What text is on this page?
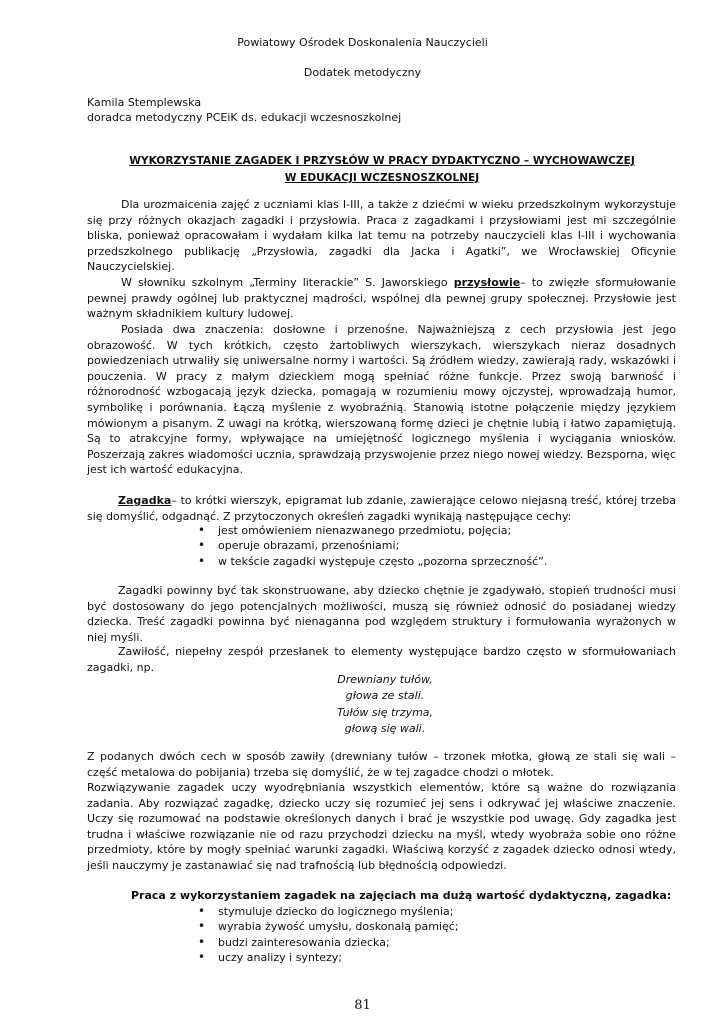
Powiatowy Ośrodek Doskonalenia Nauczycieli
Dodatek metodyczny
Kamila Stemplewska
doradca metodyczny PCEiK ds. edukacji wczesnoszkolnej
WYKORZYSTANIE ZAGADEK I PRZYSŁÓW W PRACY DYDAKTYCZNO – WYCHOWAWCZEJ
W EDUKACJI WCZESNOSZKOLNEJ

Dla urozmaicenia zajęć z uczniami klas I-III, a także z dziećmi w wieku przedszkolnym wykorzystuje się przy różnych okazjach zagadki i przysłowia. Praca z zagadkami i przysłowiami jest mi szczególnie bliska, ponieważ opracowałam i wydałam kilka lat temu na potrzeby nauczycieli klas I-III i wychowania przedszkolnego publikację „Przysłowia, zagadki dla Jacka i Agatki”, we Wrocławskiej Oficynie Nauczycielskiej.

W słowniku szkolnym „Terminy literackie” S. Jaworskiego przysłowie– to zwięzłe sformułowanie pewnej prawdy ogólnej lub praktycznej mądrości, wspólnej dla pewnej grupy społecznej. Przysłowie jest ważnym składnikiem kultury ludowej.

Posiada dwa znaczenia: dosłowne i przenośne. Najważniejszą z cech przysłowia jest jego obrazowość. W tych krótkich, często żartobliwych wierszykach, wierszykach nieraz dosadnych powiedzeniach utrwaliły się uniwersalne normy i wartości. Są źródłem wiedzy, zawierają rady, wskazówki i pouczenia. W pracy z małym dzieckiem mogą spełniać różne funkcje. Przez swoją barwność i różnorodność wzbogacają język dziecka, pomagają w rozumieniu mowy ojczystej, wprowadzają humor, symbolikę i porównania. Łączą myślenie z wyobraźnią. Stanowią istotne połączenie między językiem mówionym a pisanym. Z uwagi na krótką, wierszowaną formę dzieci je chętnie lubią i łatwo zapamiętują. Są to atrakcyjne formy, wpływające na umiejętność logicznego myślenia i wyciągania wniosków. Poszerzają zakres wiadomości ucznia, sprawdzają przyswojenie przez niego nowej wiedzy. Bezsporna, więc jest ich wartość edukacyjna.

Zagadka– to krótki wierszyk, epigramat lub zdanie, zawierające celowo niejasną treść, której trzeba się domyślić, odgadnąć. Z przytoczonych określeń zagadki wynikają następujące cechy:

• jest omówieniem nienazwanego przedmiotu, pojęcia;
• operuje obrazami, przenośniami;
• w tekście zagadki występuje często „pozorna sprzeczność”.

Zagadki powinny być tak skonstruowane, aby dziecko chętnie je zgadywało, stopień trudności musi być dostosowany do jego potencjalnych możliwości, muszą się również odnosić do posiadanej wiedzy dziecka. Treść zagadki powinna być nienaganna pod względem struktury i formułowania wyrażonych w niej myśli.

Zawiłość, niepełny zespół przesłanek to elementy występujące bardzo często w sformułowaniach zagadki, np.

Drewniany tułów,
głowa ze stali.
Tułów się trzyma,
głową się wali.

Z podanych dwóch cech w sposób zawiły (drewniany tułów – trzonek młotka, głową ze stali się wali – część metalowa do pobijania) trzeba się domyślić, że w tej zagadce chodzi o młotek.

Rozwiązywanie zagadek uczy wyodrębniania wszystkich elementów, które są ważne do rozwiązania zadania. Aby rozwiązać zagadkę, dziecko uczy się rozumieć jej sens i odkrywać jej właściwe znaczenie. Uczy się rozumować na podstawie określonych danych i brać je wszystkie pod uwagę. Gdy zagadka jest trudna i właściwe rozwiązanie nie od razu przychodzi dziecku na myśl, wtedy wyobraża sobie ono różne przedmioty, które by mogły spełniać warunki zagadki. Właściwą korzyść z zagadek dziecko odnosi wtedy, jeśli nauczymy je zastanawiać się nad trafnością lub błędnością odpowiedzi.

Praca z wykorzystaniem zagadek na zajęciach ma dużą wartość dydaktyczną, zagadka:
• stymuluje dziecko do logicznego myślenia;
• wyrabia żywość umysłu, doskonalą pamięć;
• budzi zainteresowania dziecka;
• uczy analizy i syntezy;
81
